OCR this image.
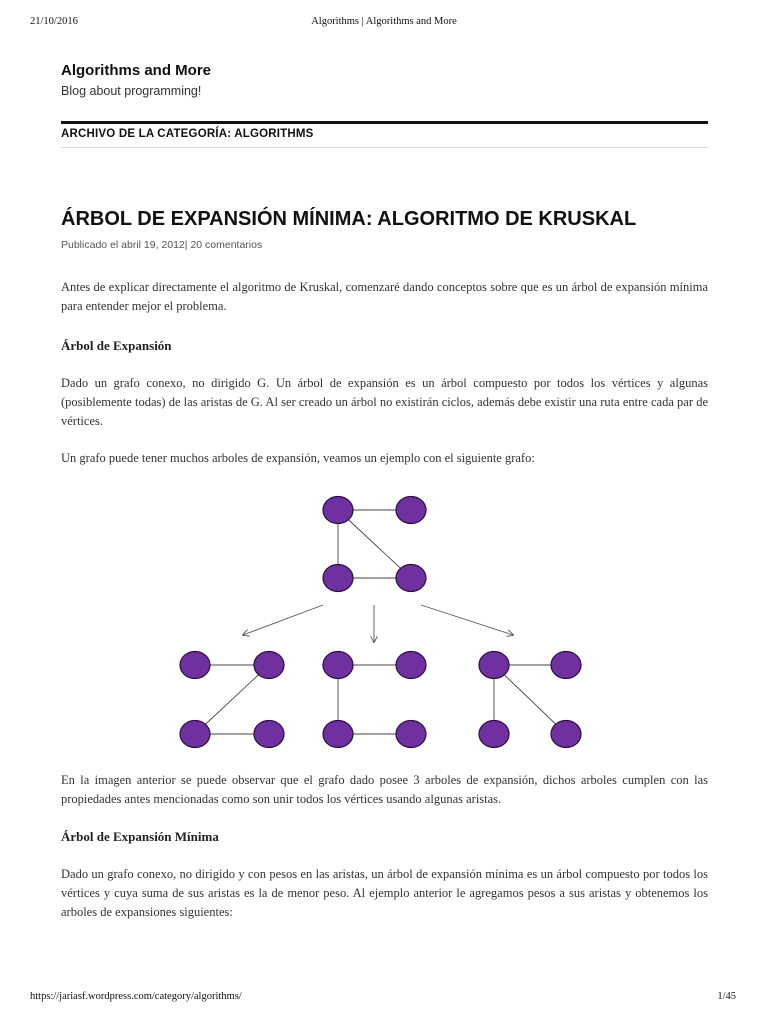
21/10/2016	Algorithms | Algorithms and More
Algorithms and More
Blog about programming!
ARCHIVO DE LA CATEGORÍA: ALGORITHMS
ÁRBOL DE EXPANSIÓN MÍNIMA: ALGORITMO DE KRUSKAL
Publicado el abril 19, 2012| 20 comentarios

Antes de explicar directamente el algoritmo de Kruskal, comenzaré dando conceptos sobre que es un árbol de expansión mínima para entender mejor el problema.

Árbol de Expansión

Dado un grafo conexo, no dirigido G. Un árbol de expansión es un árbol compuesto por todos los vértices y algunas (posiblemente todas) de las aristas de G. Al ser creado un árbol no existirán ciclos, además debe existir una ruta entre cada par de vértices.

Un grafo puede tener muchos arboles de expansión, veamos un ejemplo con el siguiente grafo:

En la imagen anterior se puede observar que el grafo dado posee 3 arboles de expansión, dichos arboles cumplen con las propiedades antes mencionadas como son unir todos los vértices usando algunas aristas.

Árbol de Expansión Mínima

Dado un grafo conexo, no dirigido y con pesos en las aristas, un árbol de expansión mínima es un árbol compuesto por todos los vértices y cuya suma de sus aristas es la de menor peso. Al ejemplo anterior le agregamos pesos a sus aristas y obtenemos los arboles de expansiones siguientes:

https://jariasf.wordpress.com/category/algorithms/	1/45
